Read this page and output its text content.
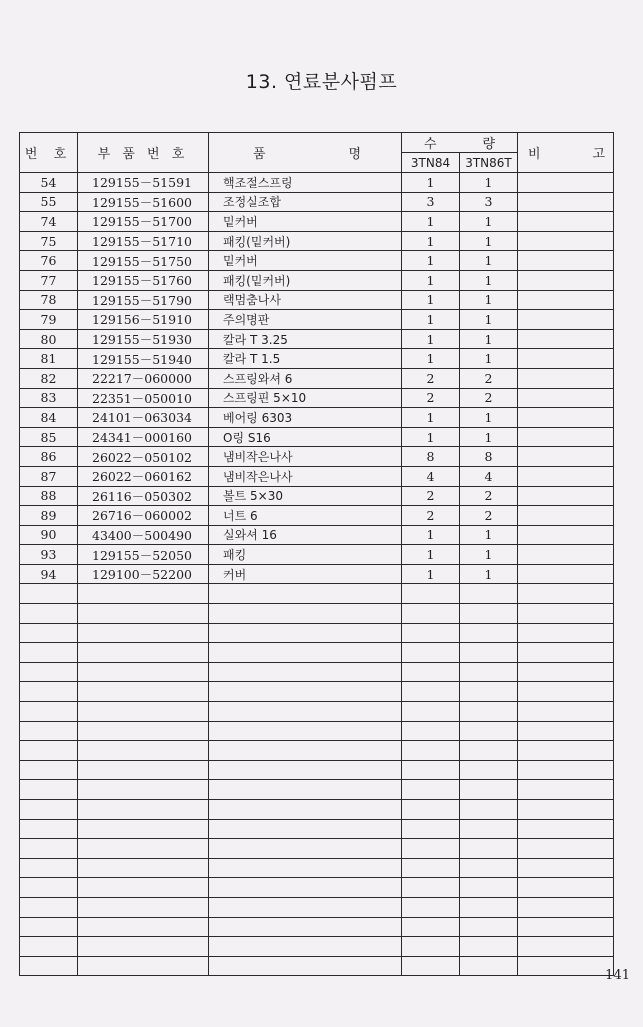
13. 연료분사펌프
번 호	부 품 번 호	품 명	수 량		비 고

			3TN84	3TN86T	
54	129155－51591	핵조절스프링	1	1	
55	129155－51600	조정실조합	3	3	
74	129155－51700	밑커버	1	1	
75	129155－51710	패킹(밑커버)	1	1	
76	129155－51750	밑커버	1	1	
77	129155－51760	패킹(밑커버)	1	1	
78	129155－51790	랙멈춤나사	1	1	
79	129156－51910	주의명판	1	1	
80	129155－51930	칼라 T 3.25	1	1	
81	129155－51940	칼라 T 1.5	1	1	
82	22217－060000	스프링와셔 6	2	2	
83	22351－050010	스프링핀 5×10	2	2	
84	24101－063034	베어링 6303	1	1	
85	24341－000160	O링 S16	1	1	
86	26022－050102	냄비작은나사	8	8	
87	26022－060162	냄비작은나사	4	4	
88	26116－050302	볼트 5×30	2	2	
89	26716－060002	너트 6	2	2	
90	43400－500490	실와셔 16	1	1	
93	129155－52050	패킹	1	1	
94	129100－52200	커버	1	1	

141
